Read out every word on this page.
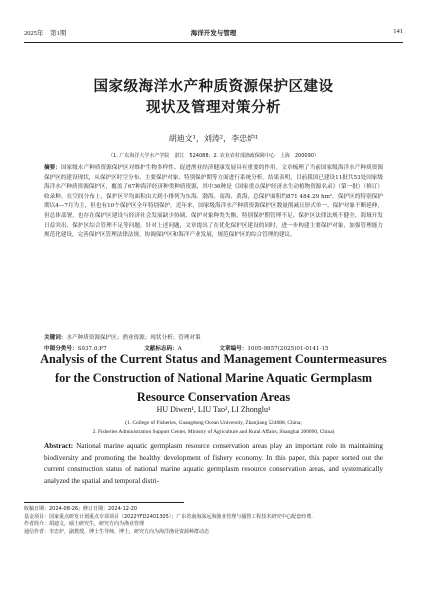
2025年　第1期	海洋开发与管理	141
国家级海洋水产种质资源保护区建设
现状及管理对策分析
胡迪文¹，刘涛²，李忠炉¹
（1. 广东海洋大学水产学院　湛江　524088；2. 农业农村部渔政保障中心　上海　200090）
摘要：国家级水产种质资源保护区对维护生物多样性、促进渔业经济健康发展具有重要的作用。文章梳理了当前国家级海洋水产种质资源保护区的建设现状，从保护区时空分布、主要保护对象、特别保护期等方面进行系统分析。结果表明，目前我国已建设11批共53处国家级海洋水产种质资源保护区，覆盖了67种海洋经济种类种质资源，其中36种是《国家重点保护经济水生动植物资源名录》（第一批）（修订）收录种。在空间分布上，保护区平均面积由大到小排列为东海、渤海、南海、黄海，总保护面积约871 484.29 hm²。保护区的特别保护期以4—7月为主，但也有10个保护区全年特别保护。近年来，国家级海洋水产种质资源保护区数量削减且形式单一、保护对象不断延伸，但总体部署，也存在保护区建设与经济社会发展缺少协调、保护对象种类失衡、特别保护期管理不足、保护区法律法规不健全、海域开发日益突出、保护区综合管理不足等问题。针对上述问题，文章提出了在优化保护区建设的同时，进一步构建主要保护对象，加强管理能力规范化建设，完善保护区管理法律法规，协调保护区和海洋产业发展，规范保护区的综合管理的建议。
关键词：水产种质资源保护区；渔业资源；现状分析；管理对策
中图分类号：S937.0;P7	文献标志码：A	文章编号：1005-9857(2025)01-0141-15
Analysis of the Current Status and Management Countermeasures
for the Construction of National Marine Aquatic Germplasm
Resource Conservation Areas
HU Diwen¹, LIU Tao², LI Zhonglu¹
(1. College of Fisheries, Guangdong Ocean University, Zhanjiang 524088, China;
2. Fisheries Administration Support Center, Ministry of Agriculture and Rural Affairs, Shanghai 200090, China)
Abstract: National marine aquatic germplasm resource conservation areas play an important role in maintaining biodiversity and promoting the healthy development of fishery economy. In this paper, this paper sorted out the current construction status of national marine aquatic germplasm resource conservation areas, and systematically analyzed the spatial and temporal distri-
收稿日期：2024-08-26；修订日期：2024-12-20
基金项目：国家重点研发计划重点专项项目（2022YFD2401305）；广东省南海深远海渔业管理与捕捞工程技术研究中心配套经费.
作者简介：胡迪文，硕士研究生，研究方向为渔业管理
通信作者：李忠炉，副教授，博士生导师，博士，研究方向为海洋渔业资源种群动态
